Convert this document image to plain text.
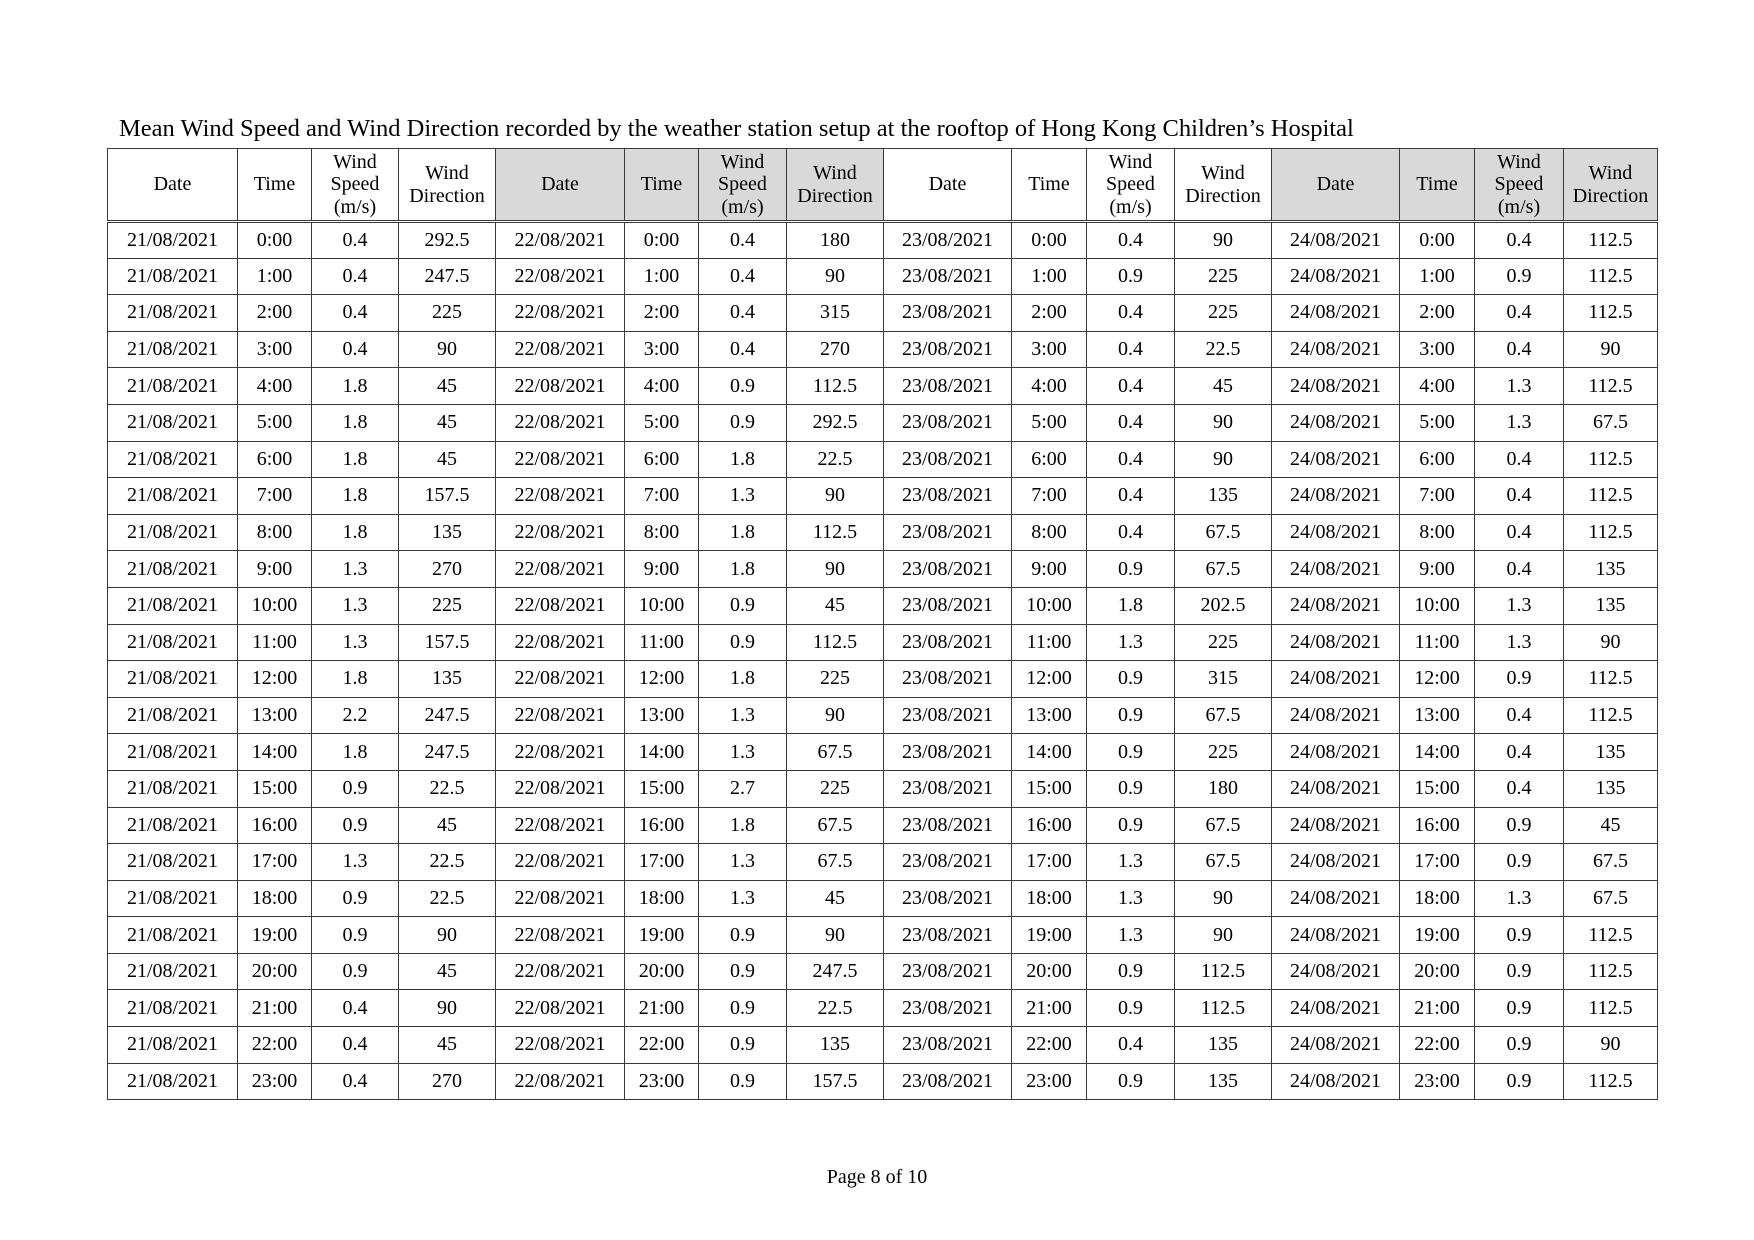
Mean Wind Speed and Wind Direction recorded by the weather station setup at the rooftop of Hong Kong Children’s Hospital
Date	Time	Wind
Speed
(m/s)	Wind
Direction	Date	Time	Wind
Speed
(m/s)	Wind
Direction	Date	Time	Wind
Speed
(m/s)	Wind
Direction	Date	Time	Wind
Speed
(m/s)	Wind
Direction
21/08/2021	0:00	0.4	292.5	22/08/2021	0:00	0.4	180	23/08/2021	0:00	0.4	90	24/08/2021	0:00	0.4	112.5
21/08/2021	1:00	0.4	247.5	22/08/2021	1:00	0.4	90	23/08/2021	1:00	0.9	225	24/08/2021	1:00	0.9	112.5
21/08/2021	2:00	0.4	225	22/08/2021	2:00	0.4	315	23/08/2021	2:00	0.4	225	24/08/2021	2:00	0.4	112.5
21/08/2021	3:00	0.4	90	22/08/2021	3:00	0.4	270	23/08/2021	3:00	0.4	22.5	24/08/2021	3:00	0.4	90
21/08/2021	4:00	1.8	45	22/08/2021	4:00	0.9	112.5	23/08/2021	4:00	0.4	45	24/08/2021	4:00	1.3	112.5
21/08/2021	5:00	1.8	45	22/08/2021	5:00	0.9	292.5	23/08/2021	5:00	0.4	90	24/08/2021	5:00	1.3	67.5
21/08/2021	6:00	1.8	45	22/08/2021	6:00	1.8	22.5	23/08/2021	6:00	0.4	90	24/08/2021	6:00	0.4	112.5
21/08/2021	7:00	1.8	157.5	22/08/2021	7:00	1.3	90	23/08/2021	7:00	0.4	135	24/08/2021	7:00	0.4	112.5
21/08/2021	8:00	1.8	135	22/08/2021	8:00	1.8	112.5	23/08/2021	8:00	0.4	67.5	24/08/2021	8:00	0.4	112.5
21/08/2021	9:00	1.3	270	22/08/2021	9:00	1.8	90	23/08/2021	9:00	0.9	67.5	24/08/2021	9:00	0.4	135
21/08/2021	10:00	1.3	225	22/08/2021	10:00	0.9	45	23/08/2021	10:00	1.8	202.5	24/08/2021	10:00	1.3	135
21/08/2021	11:00	1.3	157.5	22/08/2021	11:00	0.9	112.5	23/08/2021	11:00	1.3	225	24/08/2021	11:00	1.3	90
21/08/2021	12:00	1.8	135	22/08/2021	12:00	1.8	225	23/08/2021	12:00	0.9	315	24/08/2021	12:00	0.9	112.5
21/08/2021	13:00	2.2	247.5	22/08/2021	13:00	1.3	90	23/08/2021	13:00	0.9	67.5	24/08/2021	13:00	0.4	112.5
21/08/2021	14:00	1.8	247.5	22/08/2021	14:00	1.3	67.5	23/08/2021	14:00	0.9	225	24/08/2021	14:00	0.4	135
21/08/2021	15:00	0.9	22.5	22/08/2021	15:00	2.7	225	23/08/2021	15:00	0.9	180	24/08/2021	15:00	0.4	135
21/08/2021	16:00	0.9	45	22/08/2021	16:00	1.8	67.5	23/08/2021	16:00	0.9	67.5	24/08/2021	16:00	0.9	45
21/08/2021	17:00	1.3	22.5	22/08/2021	17:00	1.3	67.5	23/08/2021	17:00	1.3	67.5	24/08/2021	17:00	0.9	67.5
21/08/2021	18:00	0.9	22.5	22/08/2021	18:00	1.3	45	23/08/2021	18:00	1.3	90	24/08/2021	18:00	1.3	67.5
21/08/2021	19:00	0.9	90	22/08/2021	19:00	0.9	90	23/08/2021	19:00	1.3	90	24/08/2021	19:00	0.9	112.5
21/08/2021	20:00	0.9	45	22/08/2021	20:00	0.9	247.5	23/08/2021	20:00	0.9	112.5	24/08/2021	20:00	0.9	112.5
21/08/2021	21:00	0.4	90	22/08/2021	21:00	0.9	22.5	23/08/2021	21:00	0.9	112.5	24/08/2021	21:00	0.9	112.5
21/08/2021	22:00	0.4	45	22/08/2021	22:00	0.9	135	23/08/2021	22:00	0.4	135	24/08/2021	22:00	0.9	90
21/08/2021	23:00	0.4	270	22/08/2021	23:00	0.9	157.5	23/08/2021	23:00	0.9	135	24/08/2021	23:00	0.9	112.5
Page 8 of 10
